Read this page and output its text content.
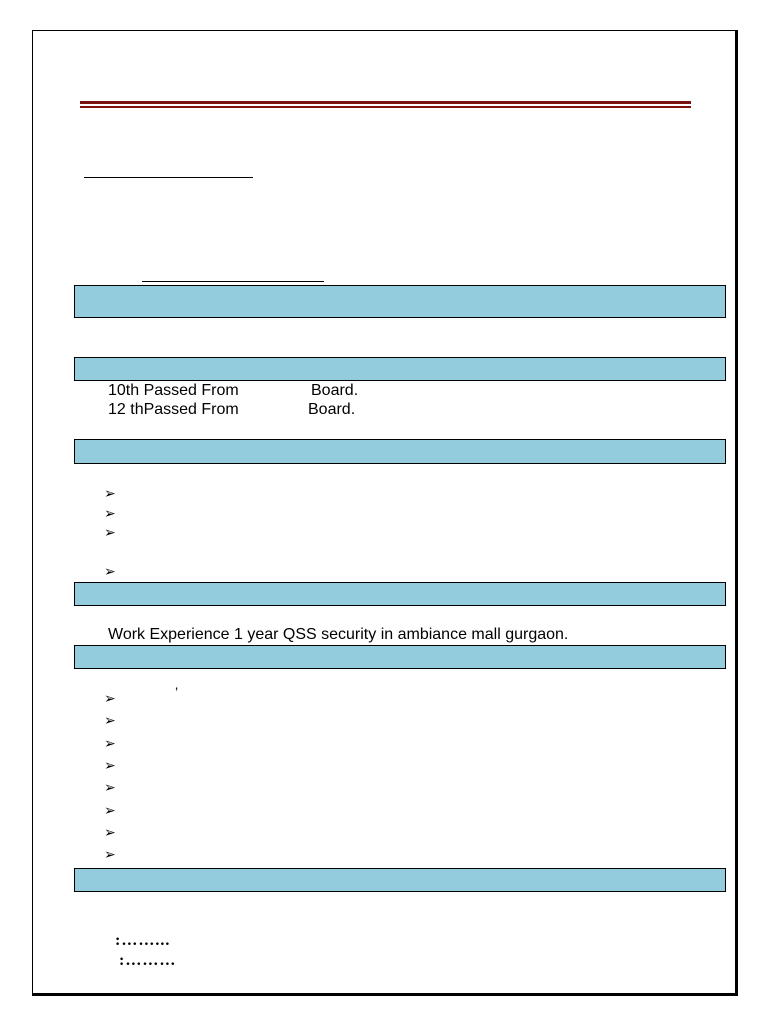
10th Passed From	Board.
12 thPassed From	Board.
➢
➢
➢
➢
Work Experience 1 year QSS security in ambiance mall gurgaon.
’
➢
➢
➢
➢
➢
➢
➢
➢
:……...
:………
